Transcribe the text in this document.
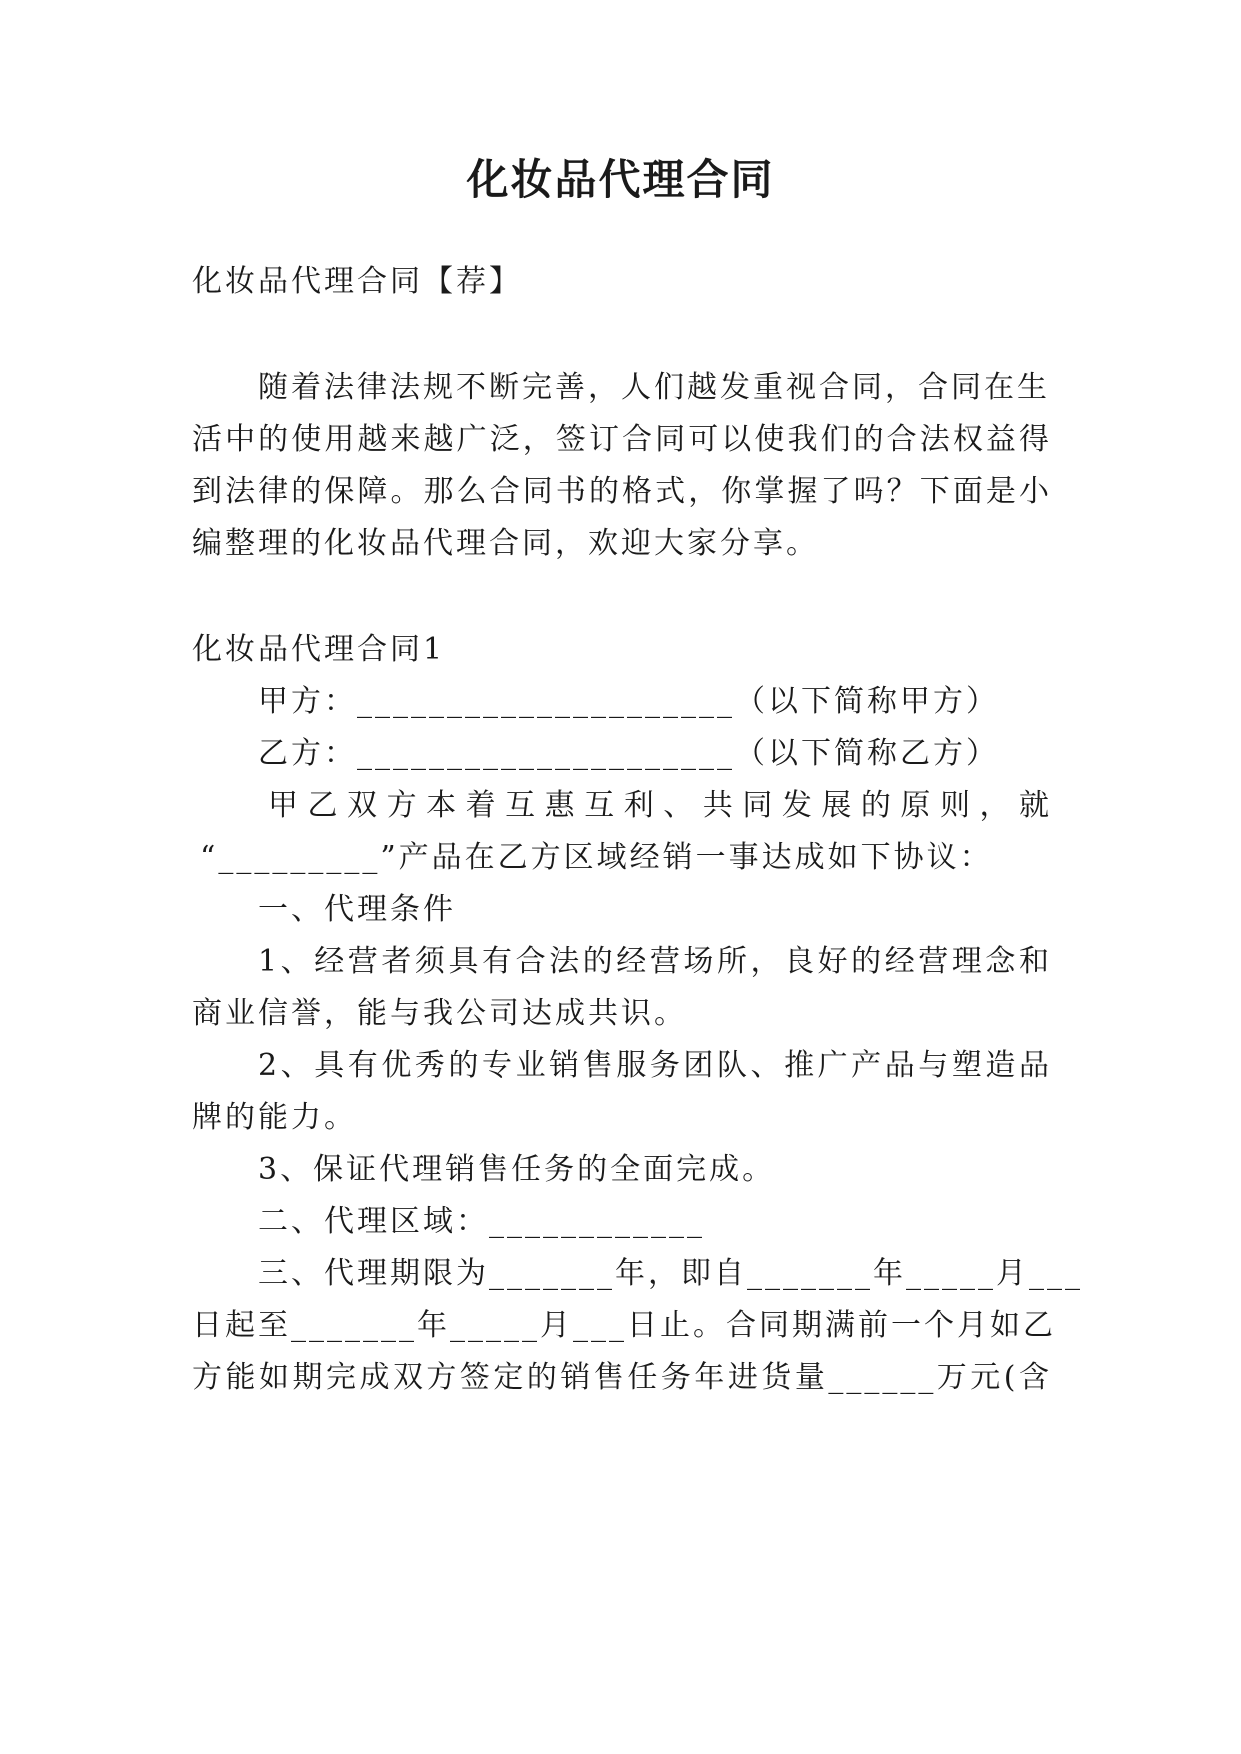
化妆品代理合同
化妆品代理合同【荐】
随着法律法规不断完善，人们越发重视合同，合同在生
活中的使用越来越广泛，签订合同可以使我们的合法权益得
到法律的保障。那么合同书的格式，你掌握了吗？下面是小
编整理的化妆品代理合同，欢迎大家分享。
化妆品代理合同1
甲方：_____________________（以下简称甲方）
乙方：_____________________（以下简称乙方）
甲乙双方本着互惠互利、共同发展的原则，就
“_________”产品在乙方区域经销一事达成如下协议：
一、代理条件
1、经营者须具有合法的经营场所，良好的经营理念和
商业信誉，能与我公司达成共识。
2、具有优秀的专业销售服务团队、推广产品与塑造品
牌的能力。
3、保证代理销售任务的全面完成。
二、代理区域：____________
三、代理期限为_______年，即自_______年_____月___
日起至_______年_____月___日止。合同期满前一个月如乙
方能如期完成双方签定的销售任务年进货量______万元(含
